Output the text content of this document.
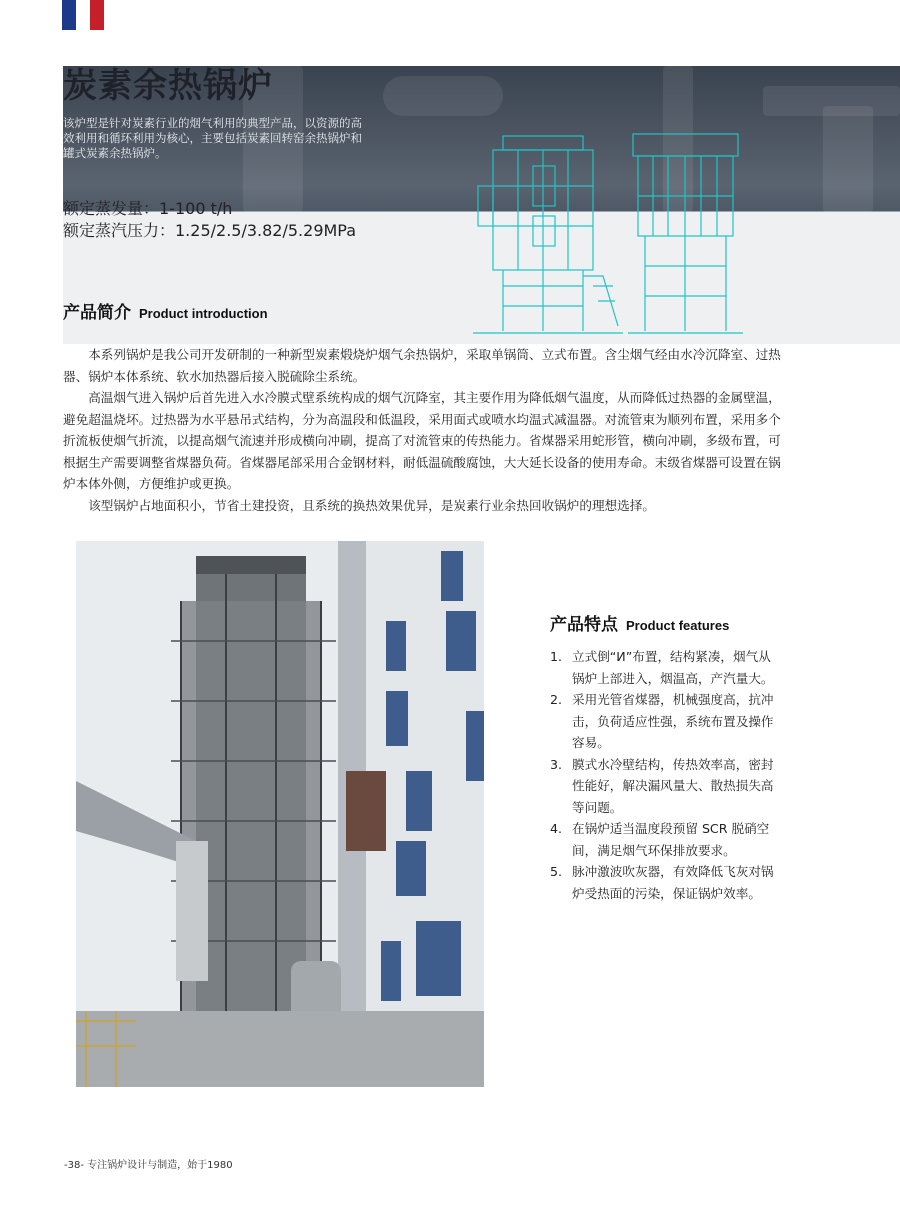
炭素余热锅炉
该炉型是针对炭素行业的烟气利用的典型产品，以资源的高效利用和循环利用为核心，主要包括炭素回转窑余热锅炉和罐式炭素余热锅炉。
额定蒸发量：1-100 t/h
额定蒸汽压力：1.25/2.5/3.82/5.29MPa
产品简介 Product introduction

本系列锅炉是我公司开发研制的一种新型炭素煅烧炉烟气余热锅炉，采取单锅筒、立式布置。含尘烟气经由水冷沉降室、过热器、锅炉本体系统、软水加热器后接入脱硫除尘系统。

高温烟气进入锅炉后首先进入水冷膜式壁系统构成的烟气沉降室，其主要作用为降低烟气温度，从而降低过热器的金属壁温，避免超温烧坏。过热器为水平悬吊式结构，分为高温段和低温段，采用面式或喷水均温式减温器。对流管束为顺列布置，采用多个折流板使烟气折流，以提高烟气流速并形成横向冲刷，提高了对流管束的传热能力。省煤器采用蛇形管，横向冲刷，多级布置，可根据生产需要调整省煤器负荷。省煤器尾部采用合金钢材料，耐低温硫酸腐蚀，大大延长设备的使用寿命。末级省煤器可设置在锅炉本体外侧，方便维护或更换。

该型锅炉占地面积小，节省土建投资，且系统的换热效果优异，是炭素行业余热回收锅炉的理想选择。

产品特点 Product features
1. 立式倒“И”布置，结构紧凑，烟气从锅炉上部进入，烟温高，产汽量大。
2. 采用光管省煤器，机械强度高，抗冲击，负荷适应性强，系统布置及操作容易。
3. 膜式水冷壁结构，传热效率高，密封性能好，解决漏风量大、散热损失高等问题。
4. 在锅炉适当温度段预留 SCR 脱硝空间，满足烟气环保排放要求。
5. 脉冲激波吹灰器，有效降低飞灰对锅炉受热面的污染，保证锅炉效率。
-38- 专注锅炉设计与制造，始于1980
